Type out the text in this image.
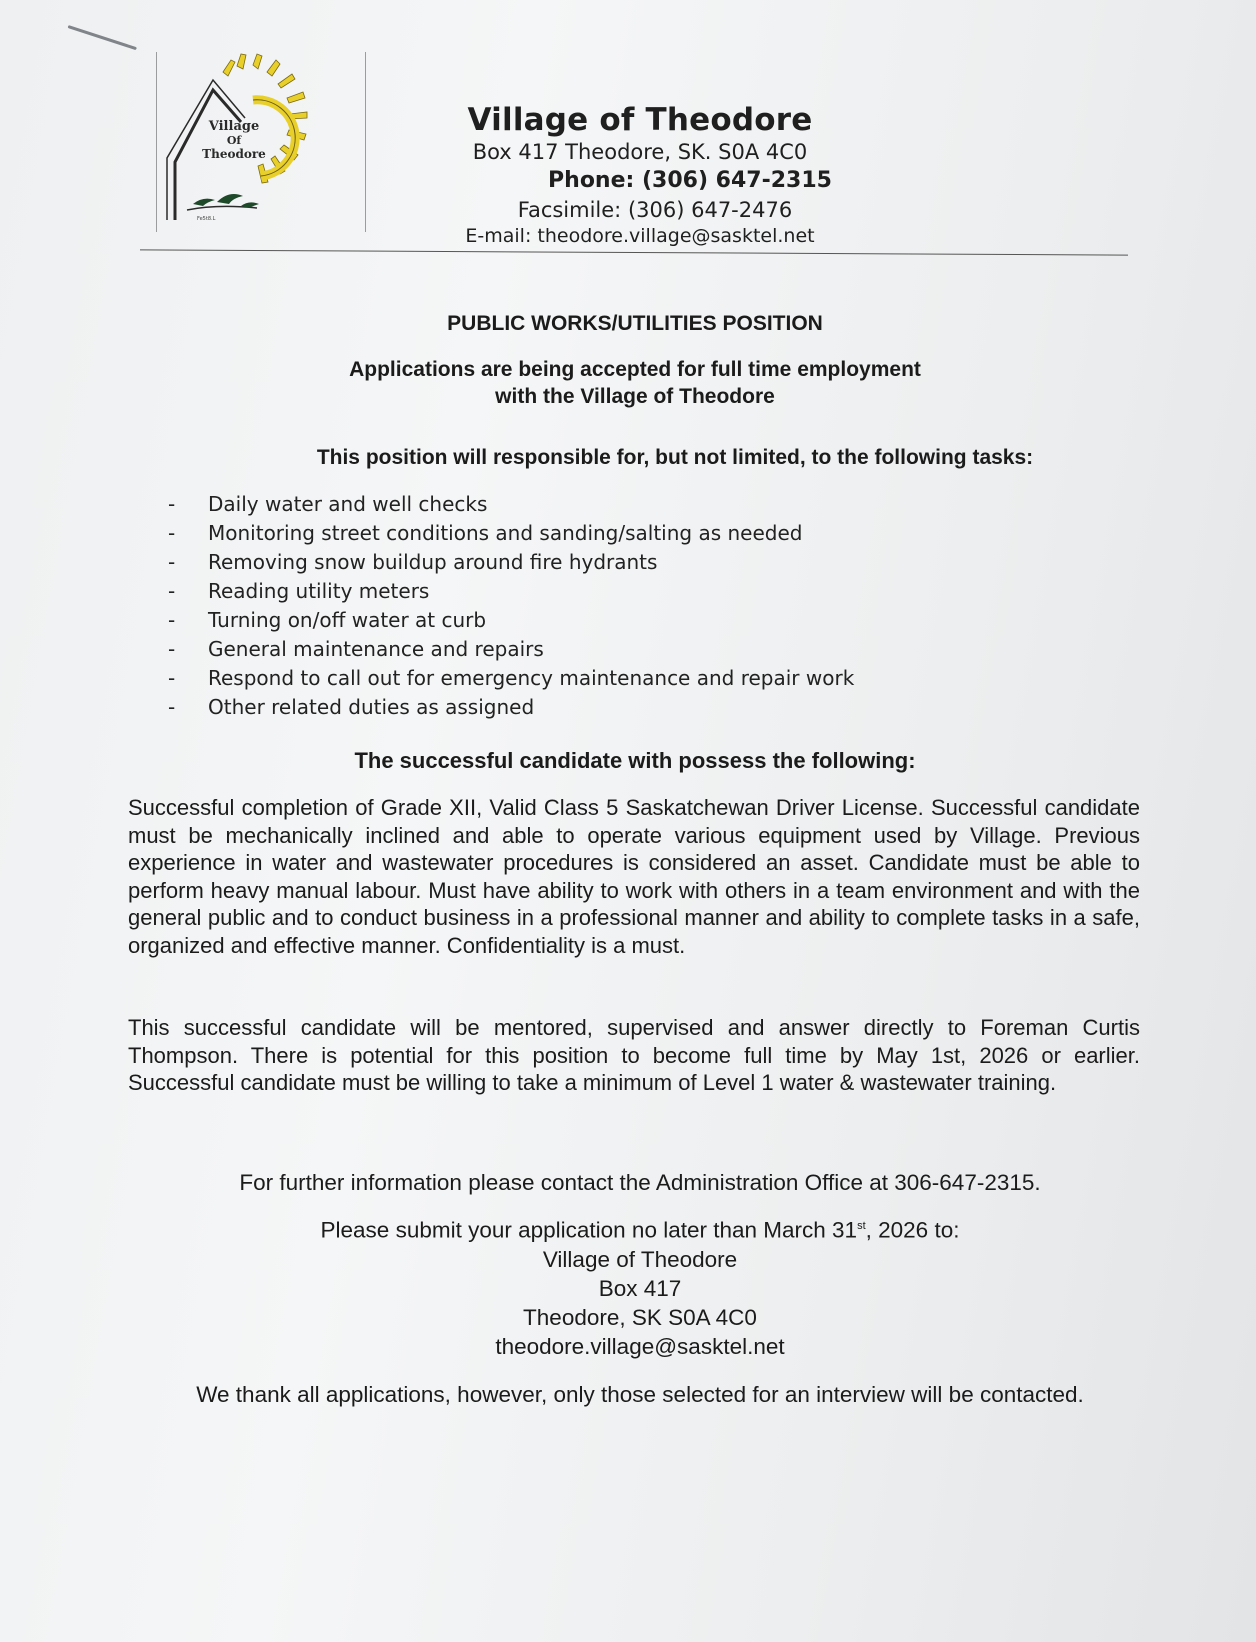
Village
Of
Theodore
Fe5t8.L
Village of Theodore
Box 417 Theodore, SK. S0A 4C0
Phone: (306) 647-2315
Facsimile: (306) 647-2476
E-mail: theodore.village@sasktel.net
PUBLIC WORKS/UTILITIES POSITION
Applications are being accepted for full time employment
with the Village of Theodore
This position will responsible for, but not limited, to the following tasks:
-	Daily water and well checks
-	Monitoring street conditions and sanding/salting as needed
-	Removing snow buildup around fire hydrants
-	Reading utility meters
-	Turning on/off water at curb
-	General maintenance and repairs
-	Respond to call out for emergency maintenance and repair work
-	Other related duties as assigned
The successful candidate with possess the following:
Successful completion of Grade XII, Valid Class 5 Saskatchewan Driver License. Successful candidate must be mechanically inclined and able to operate various equipment used by Village. Previous experience in water and wastewater procedures is considered an asset. Candidate must be able to perform heavy manual labour. Must have ability to work with others in a team environment and with the general public and to conduct business in a professional manner and ability to complete tasks in a safe, organized and effective manner. Confidentiality is a must.
This successful candidate will be mentored, supervised and answer directly to Foreman Curtis Thompson. There is potential for this position to become full time by May 1st, 2026 or earlier. Successful candidate must be willing to take a minimum of Level 1 water & wastewater training.
For further information please contact the Administration Office at 306-647-2315.
Please submit your application no later than March 31st, 2026 to:
Village of Theodore
Box 417
Theodore, SK S0A 4C0
theodore.village@sasktel.net
We thank all applications, however, only those selected for an interview will be contacted.
